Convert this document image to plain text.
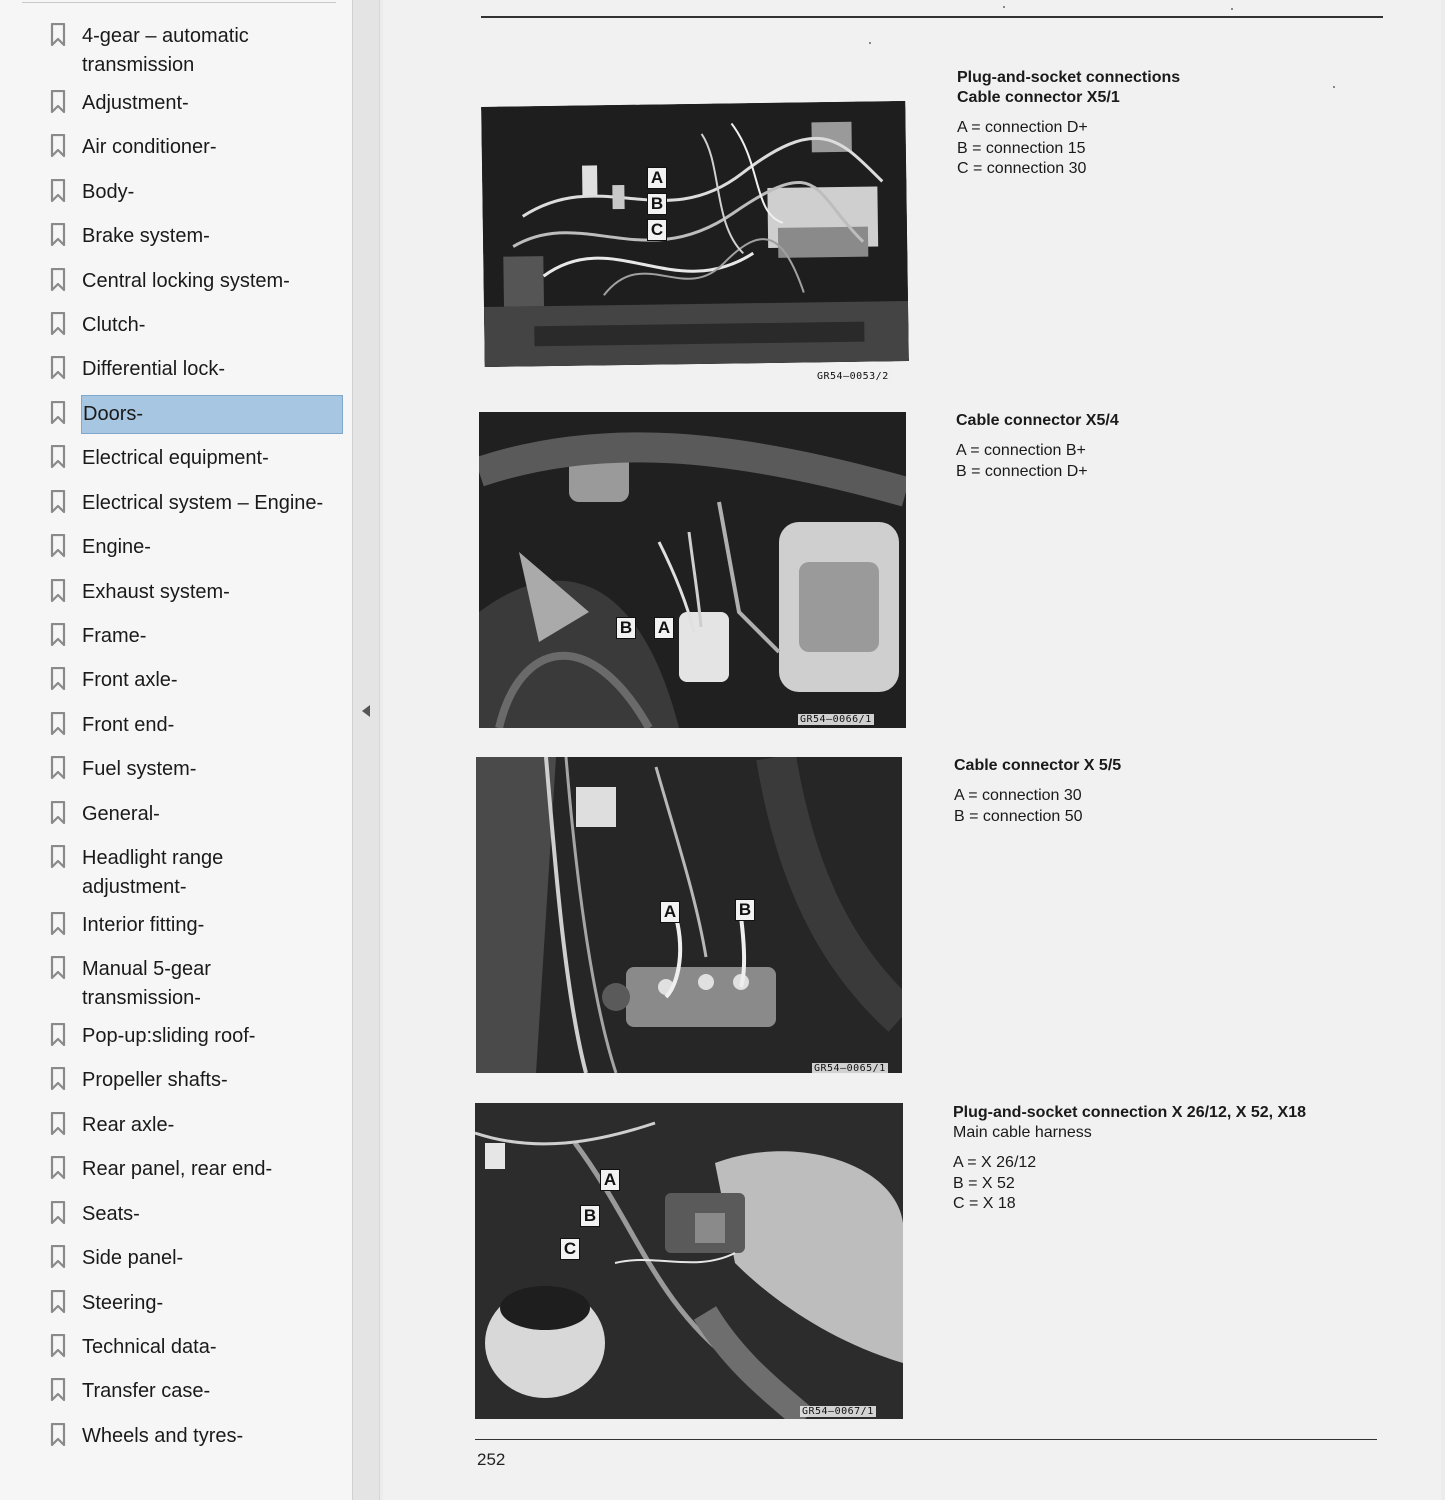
4-gear – automatic
transmission
Adjustment-
Air conditioner-
Body-
Brake system-
Central locking system-
Clutch-
Differential lock-
Doors-
Electrical equipment-
Electrical system – Engine-
Engine-
Exhaust system-
Frame-
Front axle-
Front end-
Fuel system-
General-
Headlight range
adjustment-
Interior fitting-
Manual 5-gear
transmission-
Pop-up:sliding roof-
Propeller shafts-
Rear axle-
Rear panel, rear end-
Seats-
Side panel-
Steering-
Technical data-
Transfer case-
Wheels and tyres-
A
B
C
GR54—0053/2
Plug-and-socket connections
Cable connector X5/1
A = connection D+
B = connection 15
C = connection 30
B A
GR54—0066/1
Cable connector X5/4
A = connection B+
B = connection D+
A	B
GR54—0065/1
Cable connector X 5/5
A = connection 30
B = connection 50
A
B
C
GR54—0067/1
Plug-and-socket connection X 26/12, X 52, X18
Main cable harness
A = X 26/12
B = X 52
C = X 18
252
